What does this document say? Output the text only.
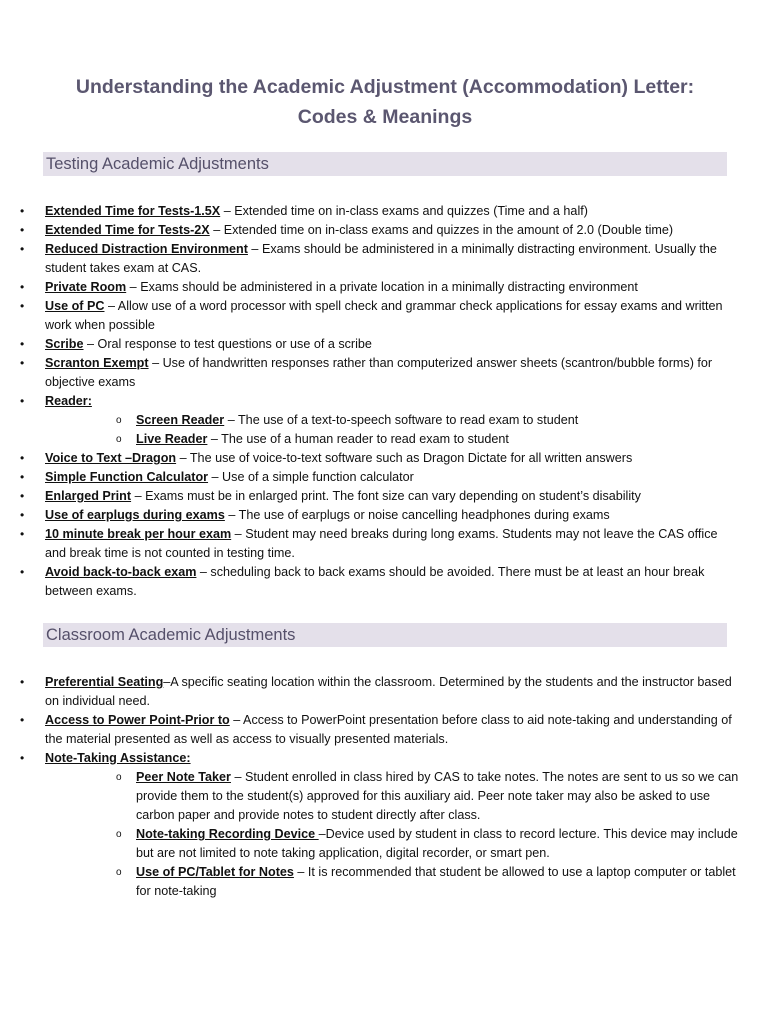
Understanding the Academic Adjustment (Accommodation) Letter:
Codes & Meanings
Testing Academic Adjustments
• Extended Time for Tests-1.5X – Extended time on in-class exams and quizzes (Time and a half)
• Extended Time for Tests-2X – Extended time on in-class exams and quizzes in the amount of 2.0 (Double time)
• Reduced Distraction Environment – Exams should be administered in a minimally distracting environment. Usually the student takes exam at CAS.
• Private Room – Exams should be administered in a private location in a minimally distracting environment
• Use of PC – Allow use of a word processor with spell check and grammar check applications for essay exams and written work when possible
• Scribe – Oral response to test questions or use of a scribe
• Scranton Exempt – Use of handwritten responses rather than computerized answer sheets (scantron/bubble forms) for objective exams
• Reader:
o Screen Reader – The use of a text-to-speech software to read exam to student
o Live Reader – The use of a human reader to read exam to student
• Voice to Text –Dragon – The use of voice-to-text software such as Dragon Dictate for all written answers
• Simple Function Calculator – Use of a simple function calculator
• Enlarged Print – Exams must be in enlarged print. The font size can vary depending on student’s disability
• Use of earplugs during exams – The use of earplugs or noise cancelling headphones during exams
• 10 minute break per hour exam – Student may need breaks during long exams. Students may not leave the CAS office and break time is not counted in testing time.
• Avoid back-to-back exam – scheduling back to back exams should be avoided. There must be at least an hour break between exams.
Classroom Academic Adjustments
• Preferential Seating–A specific seating location within the classroom. Determined by the students and the instructor based on individual need.
• Access to Power Point-Prior to – Access to PowerPoint presentation before class to aid note-taking and understanding of the material presented as well as access to visually presented materials.
• Note-Taking Assistance:
o Peer Note Taker – Student enrolled in class hired by CAS to take notes. The notes are sent to us so we can provide them to the student(s) approved for this auxiliary aid. Peer note taker may also be asked to use carbon paper and provide notes to student directly after class.
o Note-taking Recording Device –Device used by student in class to record lecture. This device may include but are not limited to note taking application, digital recorder, or smart pen.
o Use of PC/Tablet for Notes – It is recommended that student be allowed to use a laptop computer or tablet for note-taking
